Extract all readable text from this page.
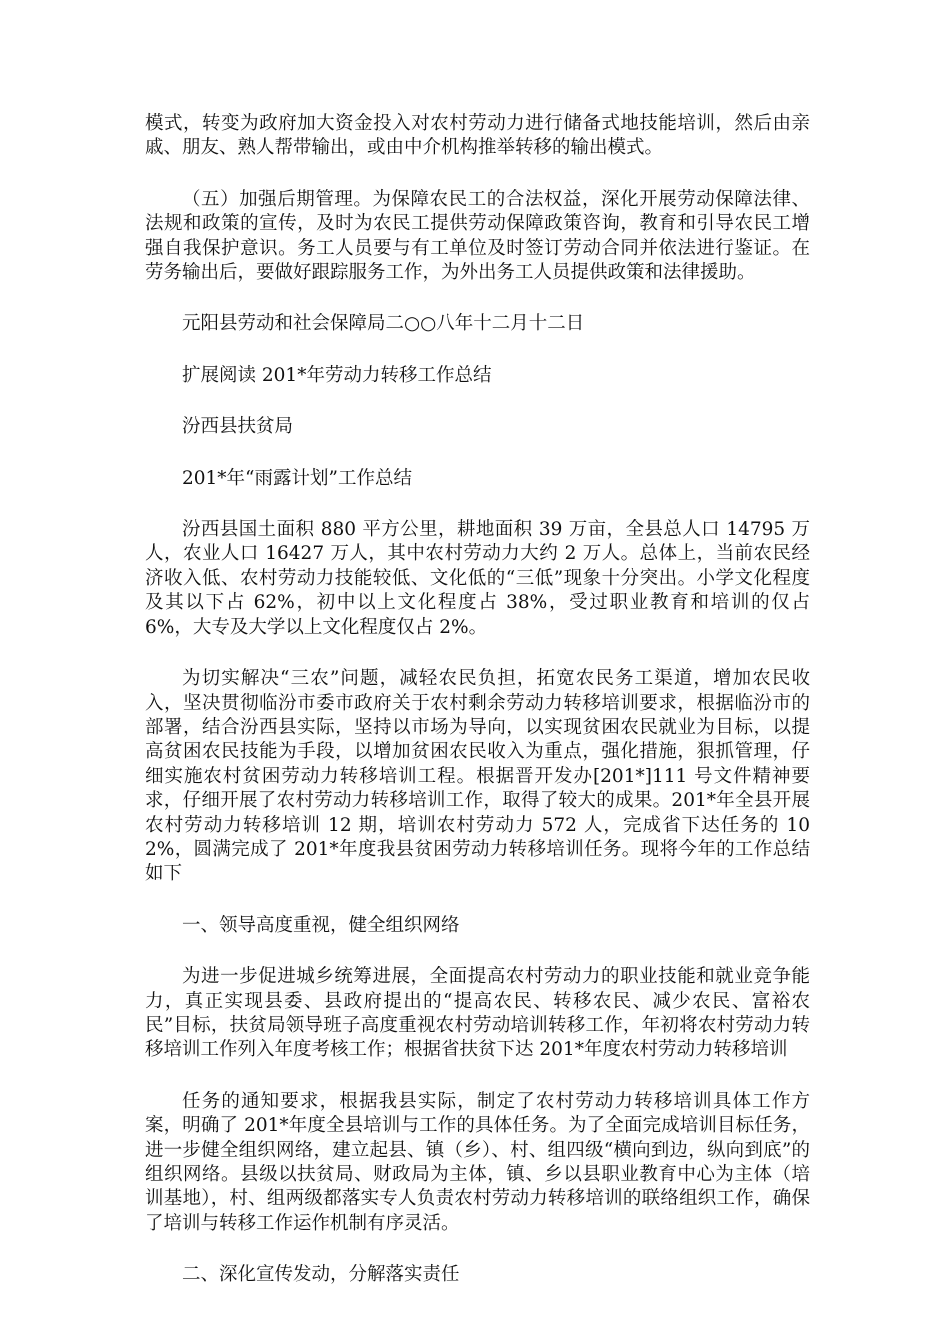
模式，转变为政府加大资金投入对农村劳动力进行储备式地技能培训，然后由亲戚、朋友、熟人帮带输出，或由中介机构推举转移的输出模式。

（五）加强后期管理。为保障农民工的合法权益，深化开展劳动保障法律、法规和政策的宣传，及时为农民工提供劳动保障政策咨询，教育和引导农民工增强自我保护意识。务工人员要与有工单位及时签订劳动合同并依法进行鉴证。在劳务输出后，要做好跟踪服务工作，为外出务工人员提供政策和法律援助。

元阳县劳动和社会保障局二○○八年十二月十二日

扩展阅读 201*年劳动力转移工作总结

汾西县扶贫局

201*年“雨露计划”工作总结

汾西县国土面积 880 平方公里，耕地面积 39 万亩，全县总人口 14795 万人，农业人口 16427 万人，其中农村劳动力大约 2 万人。总体上，当前农民经济收入低、农村劳动力技能较低、文化低的“三低”现象十分突出。小学文化程度及其以下占 62%，初中以上文化程度占 38%，受过职业教育和培训的仅占 6%，大专及大学以上文化程度仅占 2%。

为切实解决“三农”问题，减轻农民负担，拓宽农民务工渠道，增加农民收入，坚决贯彻临汾市委市政府关于农村剩余劳动力转移培训要求，根据临汾市的部署，结合汾西县实际，坚持以市场为导向，以实现贫困农民就业为目标，以提高贫困农民技能为手段，以增加贫困农民收入为重点，强化措施，狠抓管理，仔细实施农村贫困劳动力转移培训工程。根据晋开发办[201*]111 号文件精神要求，仔细开展了农村劳动力转移培训工作，取得了较大的成果。201*年全县开展农村劳动力转移培训 12 期，培训农村劳动力 572 人，完成省下达任务的 102%，圆满完成了 201*年度我县贫困劳动力转移培训任务。现将今年的工作总结如下

一、领导高度重视，健全组织网络

为进一步促进城乡统筹进展，全面提高农村劳动力的职业技能和就业竞争能力，真正实现县委、县政府提出的“提高农民、转移农民、减少农民、富裕农民”目标，扶贫局领导班子高度重视农村劳动培训转移工作，年初将农村劳动力转移培训工作列入年度考核工作；根据省扶贫下达 201*年度农村劳动力转移培训

任务的通知要求，根据我县实际，制定了农村劳动力转移培训具体工作方案，明确了 201*年度全县培训与工作的具体任务。为了全面完成培训目标任务，进一步健全组织网络，建立起县、镇（乡）、村、组四级“横向到边，纵向到底”的组织网络。县级以扶贫局、财政局为主体，镇、乡以县职业教育中心为主体（培训基地），村、组两级都落实专人负责农村劳动力转移培训的联络组织工作，确保了培训与转移工作运作机制有序灵活。

二、深化宣传发动，分解落实责任
